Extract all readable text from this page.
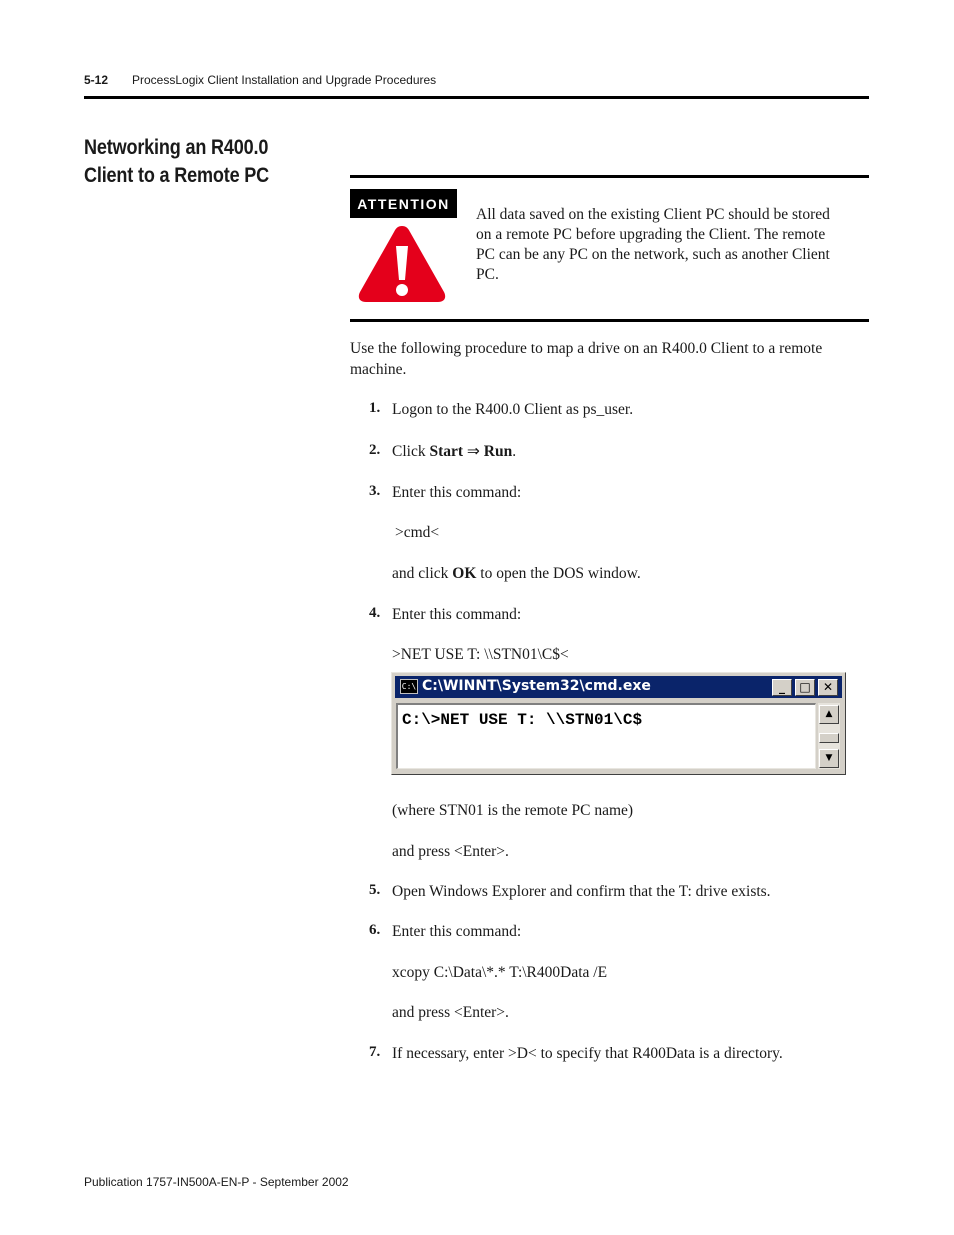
5-12 ProcessLogix Client Installation and Upgrade Procedures
Networking an R400.0
Client to a Remote PC
ATTENTION
All data saved on the existing Client PC should be stored
on a remote PC before upgrading the Client. The remote
PC can be any PC on the network, such as another Client
PC.
Use the following procedure to map a drive on an R400.0 Client to a remote
machine.
1. Logon to the R400.0 Client as ps_user.
2. Click Start ⇒ Run.
3. Enter this command:
>cmd<
and click OK to open the DOS window.
4. Enter this command:
>NET USE T: \\STN01\C$<
C:\ C:\WINNT\System32\cmd.exe	_	□	✕
C:\>NET USE T: \\STN01\C$	▲
▼
(where STN01 is the remote PC name)
and press <Enter>.
5. Open Windows Explorer and confirm that the T: drive exists.
6. Enter this command:
xcopy C:\Data\*.* T:\R400Data /E
and press <Enter>.
7. If necessary, enter >D< to specify that R400Data is a directory.
Publication 1757-IN500A-EN-P - September 2002
